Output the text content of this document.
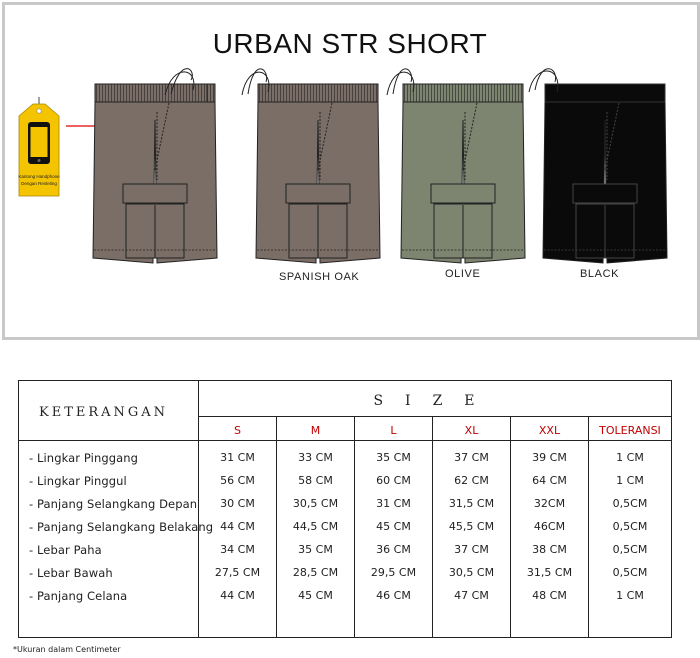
URBAN STR SHORT
Kantong Handphone
Dengan Resleting
SPANISH OAK	OLIVE	BLACK
KETERANGAN
SIZE
S	M	L	XL	XXL	TOLERANSI
- Lingkar Pinggang	31 CM	33 CM	35 CM	37 CM	39 CM	1 CM
- Lingkar Pinggul	56 CM	58 CM	60 CM	62 CM	64 CM	1 CM
- Panjang Selangkang Depan	30 CM	30,5 CM	31 CM	31,5 CM	32CM	0,5CM
- Panjang Selangkang Belakang 44 CM	44,5 CM	45 CM	45,5 CM	46CM	0,5CM
- Lebar Paha	34 CM	35 CM	36 CM	37 CM	38 CM	0,5CM
- Lebar Bawah	27,5 CM	28,5 CM	29,5 CM	30,5 CM	31,5 CM	0,5CM
- Panjang Celana	44 CM	45 CM	46 CM	47 CM	48 CM	1 CM
*Ukuran dalam Centimeter
